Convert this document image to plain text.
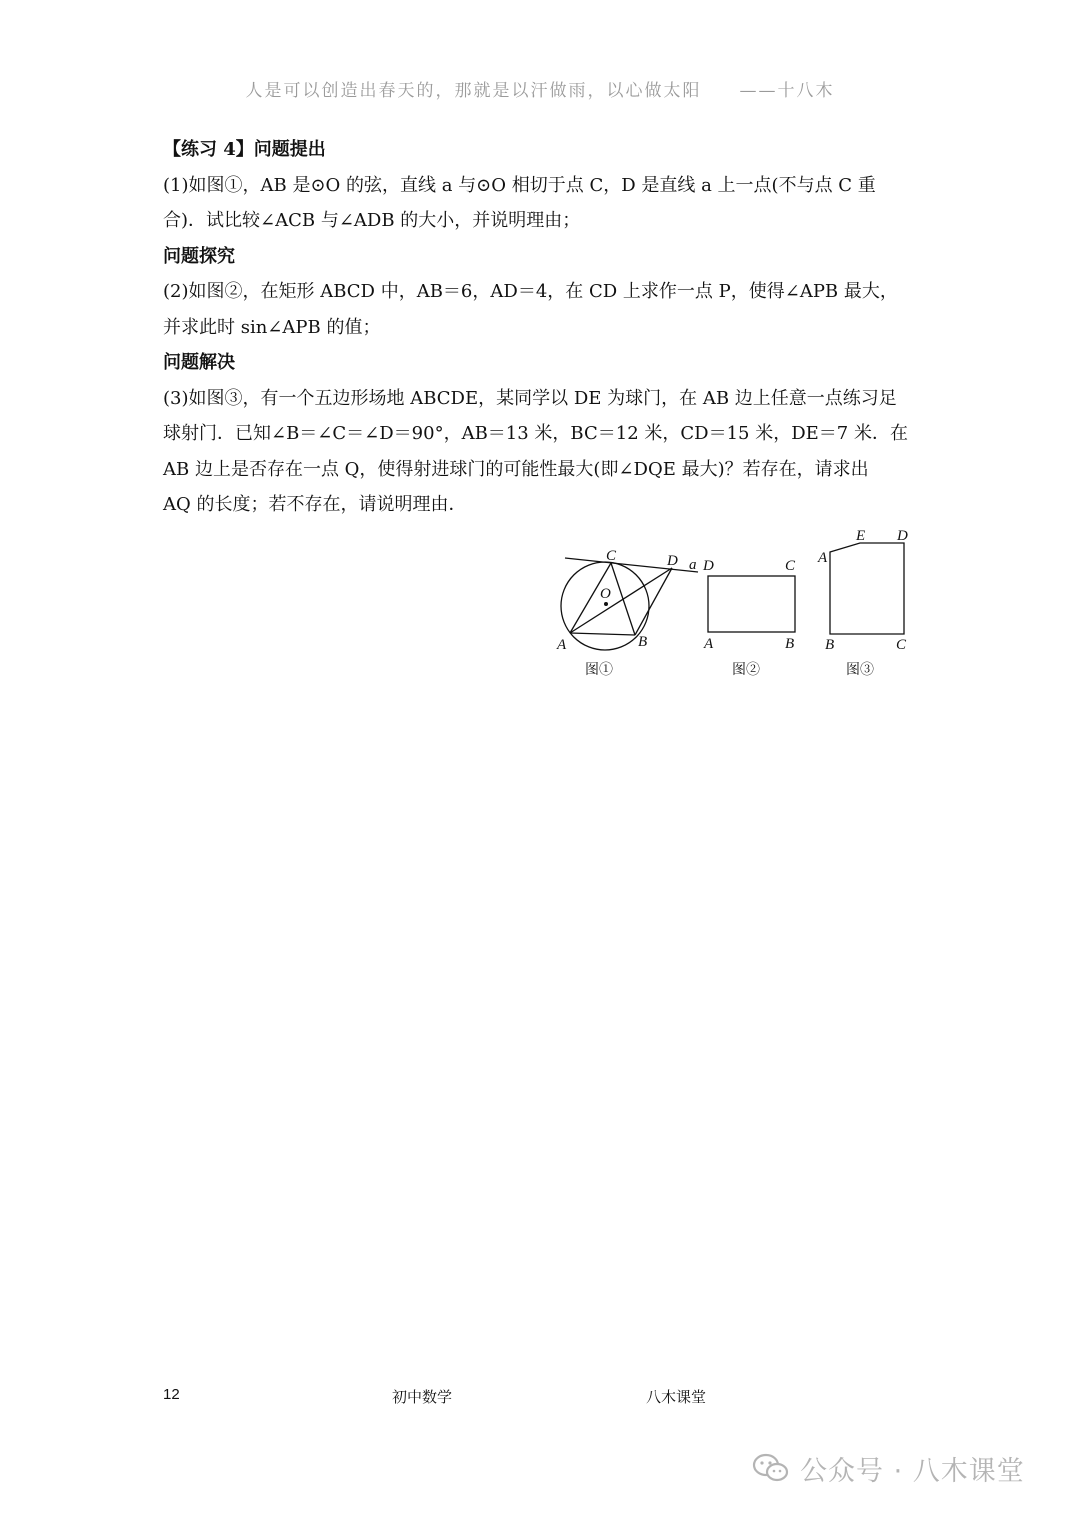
人是可以创造出春天的，那就是以汗做雨，以心做太阳　　——十八木
【练习 4】问题提出
(1)如图①，AB 是⊙O 的弦，直线 a 与⊙O 相切于点 C，D 是直线 a 上一点(不与点 C 重
合)．试比较∠ACB 与∠ADB 的大小，并说明理由；
问题探究
(2)如图②，在矩形 ABCD 中，AB＝6，AD＝4，在 CD 上求作一点 P，使得∠APB 最大，
并求此时 sin∠APB 的值；
问题解决
(3)如图③，有一个五边形场地 ABCDE，某同学以 DE 为球门，在 AB 边上任意一点练习足
球射门．已知∠B＝∠C＝∠D＝90°，AB＝13 米，BC＝12 米，CD＝15 米，DE＝7 米．在
AB 边上是否存在一点 Q，使得射进球门的可能性最大(即∠DQE 最大)？若存在，请求出
AQ 的长度；若不存在，请说明理由．
C	D a
O
A	B
图①
D	C
A	B
图②
E D
A
B	C
图③
12	初中数学	八木课堂
公众号 · 八木课堂
